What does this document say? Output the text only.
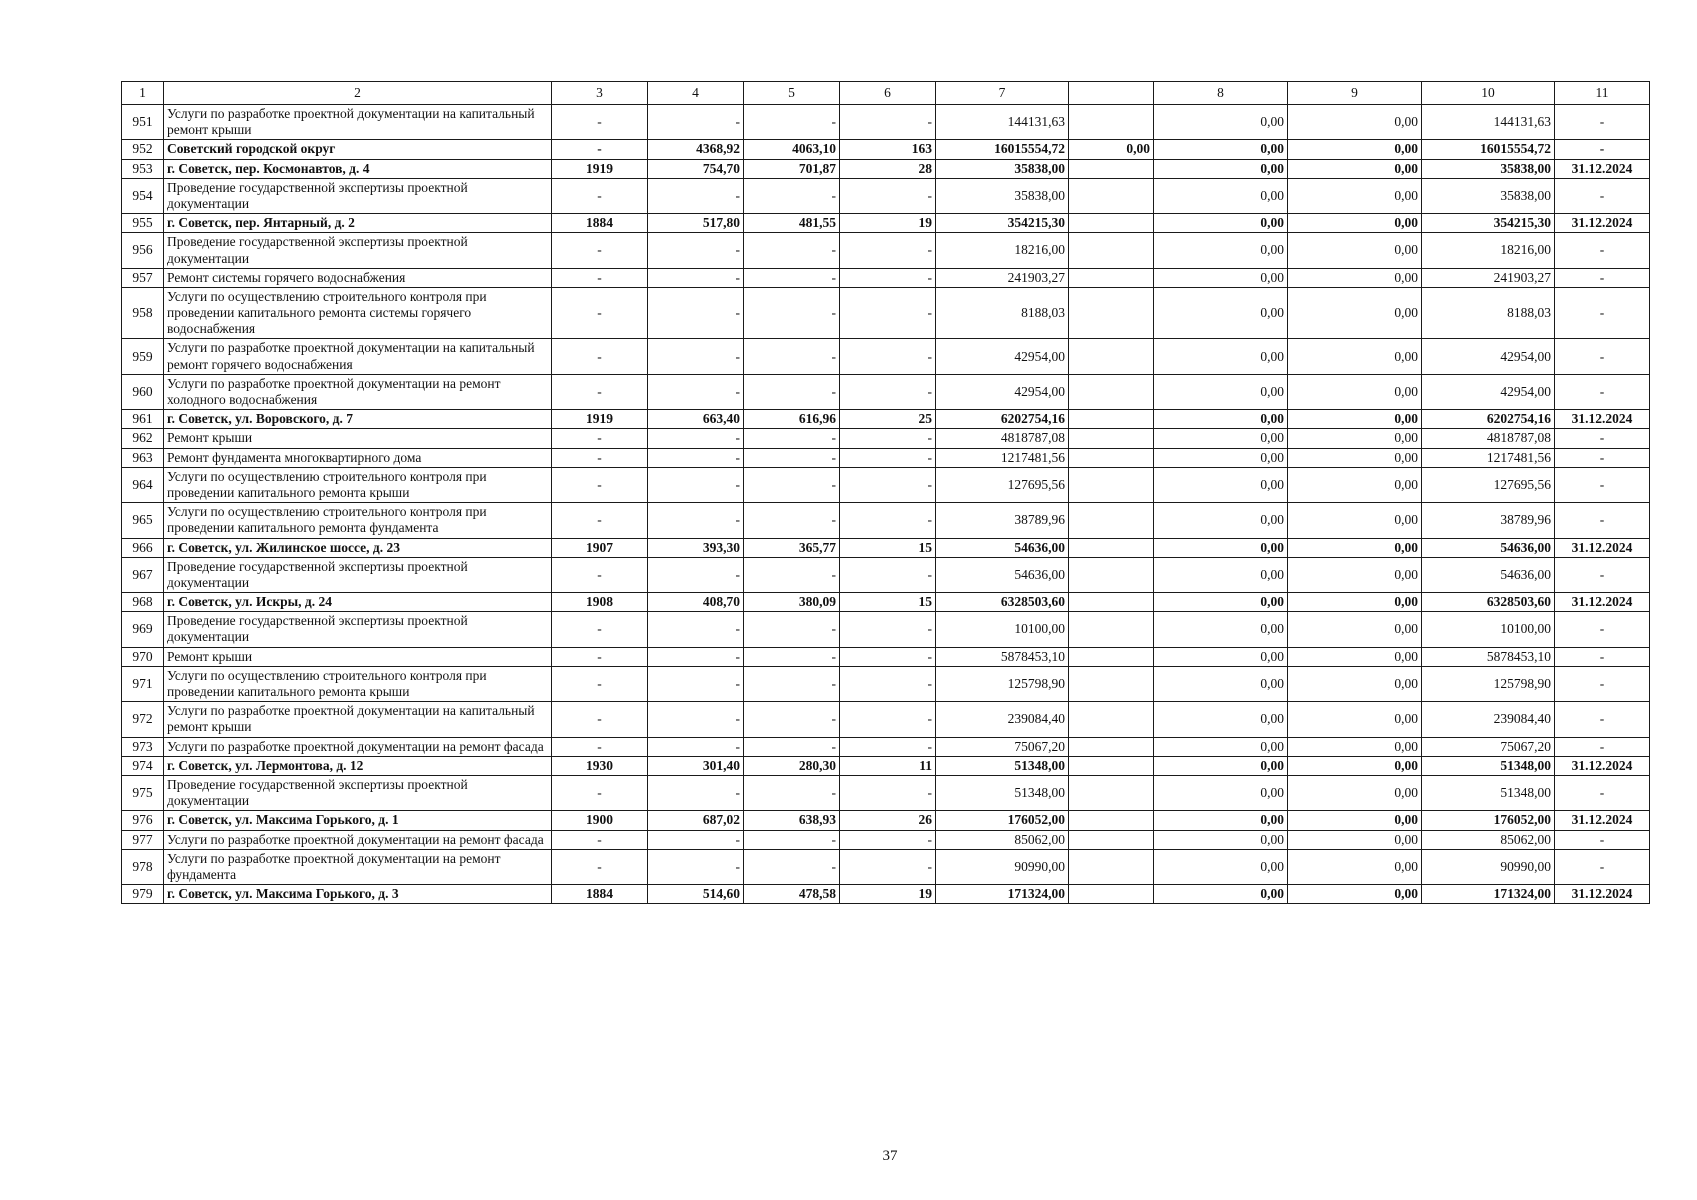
1	2	3	4	5	6	7		8	9	10	11
951	Услуги по разработке проектной документации на капитальный ремонт крыши	-	-	-	-	144131,63		0,00	0,00	144131,63	-
952	Советский городской округ	-	4368,92	4063,10	163	16015554,72	0,00	0,00	0,00	16015554,72	-
953	г. Советск, пер. Космонавтов, д. 4	1919	754,70	701,87	28	35838,00		0,00	0,00	35838,00	31.12.2024
954	Проведение государственной экспертизы проектной документации	-	-	-	-	35838,00		0,00	0,00	35838,00	-
955	г. Советск, пер. Янтарный, д. 2	1884	517,80	481,55	19	354215,30		0,00	0,00	354215,30	31.12.2024
956	Проведение государственной экспертизы проектной документации	-	-	-	-	18216,00		0,00	0,00	18216,00	-
957	Ремонт системы горячего водоснабжения	-	-	-	-	241903,27		0,00	0,00	241903,27	-
958	Услуги по осуществлению строительного контроля при проведении капитального ремонта системы горячего водоснабжения	-	-	-	-	8188,03		0,00	0,00	8188,03	-
959	Услуги по разработке проектной документации на капитальный ремонт горячего водоснабжения	-	-	-	-	42954,00		0,00	0,00	42954,00	-
960	Услуги по разработке проектной документации на ремонт холодного водоснабжения	-	-	-	-	42954,00		0,00	0,00	42954,00	-
961	г. Советск, ул. Воровского, д. 7	1919	663,40	616,96	25	6202754,16		0,00	0,00	6202754,16	31.12.2024
962	Ремонт крыши	-	-	-	-	4818787,08		0,00	0,00	4818787,08	-
963	Ремонт фундамента многоквартирного дома	-	-	-	-	1217481,56		0,00	0,00	1217481,56	-
964	Услуги по осуществлению строительного контроля при проведении капитального ремонта крыши	-	-	-	-	127695,56		0,00	0,00	127695,56	-
965	Услуги по осуществлению строительного контроля при проведении капитального ремонта фундамента	-	-	-	-	38789,96		0,00	0,00	38789,96	-
966	г. Советск, ул. Жилинское шоссе, д. 23	1907	393,30	365,77	15	54636,00		0,00	0,00	54636,00	31.12.2024
967	Проведение государственной экспертизы проектной документации	-	-	-	-	54636,00		0,00	0,00	54636,00	-
968	г. Советск, ул. Искры, д. 24	1908	408,70	380,09	15	6328503,60		0,00	0,00	6328503,60	31.12.2024
969	Проведение государственной экспертизы проектной документации	-	-	-	-	10100,00		0,00	0,00	10100,00	-
970	Ремонт крыши	-	-	-	-	5878453,10		0,00	0,00	5878453,10	-
971	Услуги по осуществлению строительного контроля при проведении капитального ремонта крыши	-	-	-	-	125798,90		0,00	0,00	125798,90	-
972	Услуги по разработке проектной документации на капитальный ремонт крыши	-	-	-	-	239084,40		0,00	0,00	239084,40	-
973	Услуги по разработке проектной документации на ремонт фасада	-	-	-	-	75067,20		0,00	0,00	75067,20	-
974	г. Советск, ул. Лермонтова, д. 12	1930	301,40	280,30	11	51348,00		0,00	0,00	51348,00	31.12.2024
975	Проведение государственной экспертизы проектной документации	-	-	-	-	51348,00		0,00	0,00	51348,00	-
976	г. Советск, ул. Максима Горького, д. 1	1900	687,02	638,93	26	176052,00		0,00	0,00	176052,00	31.12.2024
977	Услуги по разработке проектной документации на ремонт фасада	-	-	-	-	85062,00		0,00	0,00	85062,00	-
978	Услуги по разработке проектной документации на ремонт фундамента	-	-	-	-	90990,00		0,00	0,00	90990,00	-
979	г. Советск, ул. Максима Горького, д. 3	1884	514,60	478,58	19	171324,00		0,00	0,00	171324,00	31.12.2024
37
